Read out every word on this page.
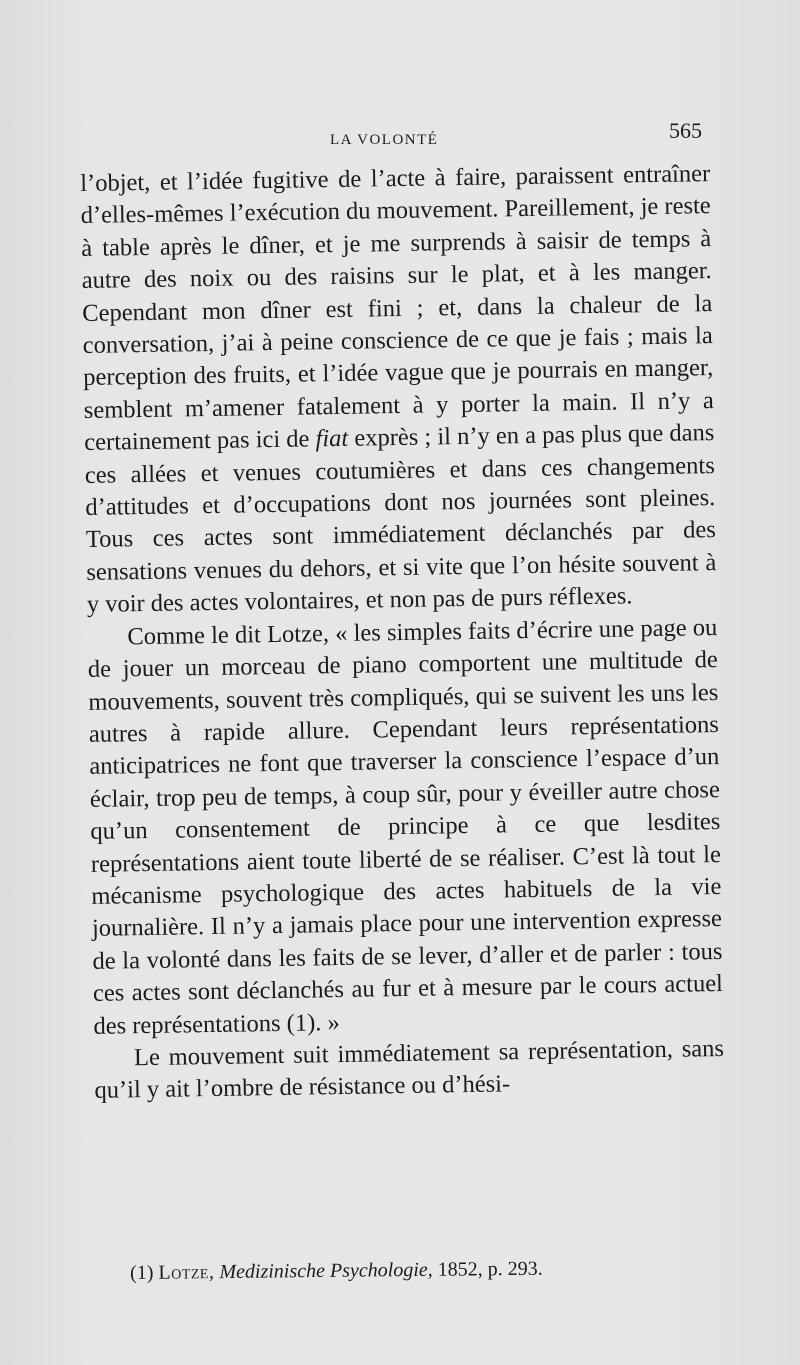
LA VOLONTÉ	565

l’objet, et l’idée fugitive de l’acte à faire, paraissent entraîner d’elles-mêmes l’exécution du mouvement. Pareillement, je reste à table après le dîner, et je me surprends à saisir de temps à autre des noix ou des raisins sur le plat, et à les manger. Cependant mon dîner est fini ; et, dans la chaleur de la conversation, j’ai à peine conscience de ce que je fais ; mais la perception des fruits, et l’idée vague que je pourrais en manger, semblent m’amener fatalement à y porter la main. Il n’y a certainement pas ici de fiat exprès ; il n’y en a pas plus que dans ces allées et venues coutumières et dans ces changements d’attitudes et d’occupations dont nos journées sont pleines. Tous ces actes sont immédiatement déclanchés par des sensations venues du dehors, et si vite que l’on hésite souvent à y voir des actes volontaires, et non pas de purs réflexes.

Comme le dit Lotze, « les simples faits d’écrire une page ou de jouer un morceau de piano comportent une multitude de mouvements, souvent très compliqués, qui se suivent les uns les autres à rapide allure. Cependant leurs représentations anticipatrices ne font que traverser la conscience l’espace d’un éclair, trop peu de temps, à coup sûr, pour y éveiller autre chose qu’un consentement de principe à ce que lesdites représentations aient toute liberté de se réaliser. C’est là tout le mécanisme psychologique des actes habituels de la vie journalière. Il n’y a jamais place pour une intervention expresse de la volonté dans les faits de se lever, d’aller et de parler : tous ces actes sont déclanchés au fur et à mesure par le cours actuel des représentations (1). »

Le mouvement suit immédiatement sa représentation, sans qu’il y ait l’ombre de résistance ou d’hési-

(1) Lotze, Medizinische Psychologie, 1852, p. 293.
